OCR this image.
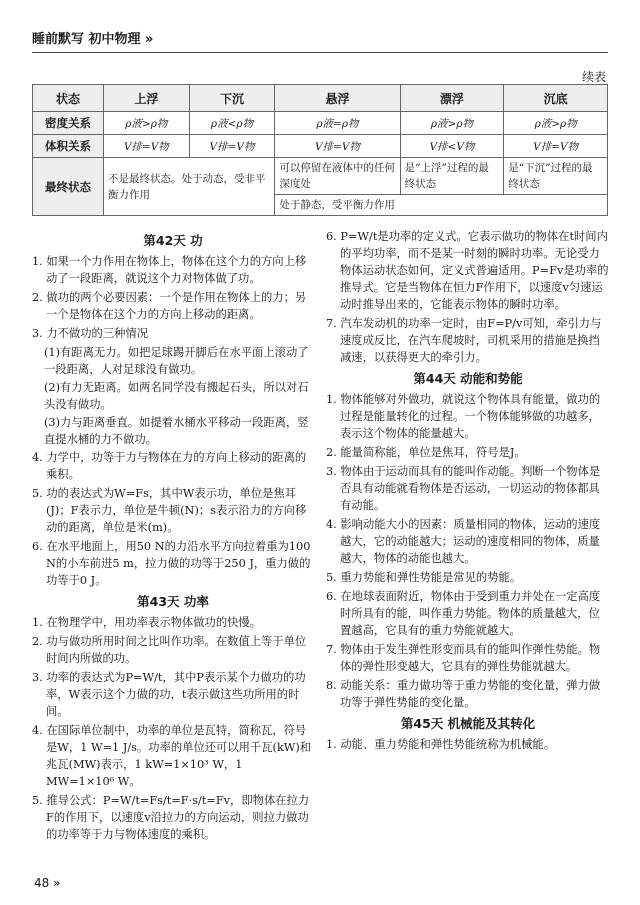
睡前默写 初中物理 »
续表
状态	上浮	下沉	悬浮	漂浮	沉底
密度关系	ρ液>ρ物	ρ液<ρ物	ρ液=ρ物	ρ液>ρ物	ρ液>ρ物
体积关系	V排=V物	V排=V物	V排=V物	V排<V物	V排=V物
最终状态	不是最终状态。处于动态，受非平衡力作用		可以停留在液体中的任何深度处	是“上浮”过程的最终状态	是“下沉”过程的最终状态
			处于静态，受平衡力作用		
第42天 功
1. 如果一个力作用在物体上，物体在这个力的方向上移动了一段距离，就说这个力对物体做了功。
2. 做功的两个必要因素：一个是作用在物体上的力；另一个是物体在这个力的方向上移动的距离。
3. 力不做功的三种情况
(1)有距离无力。如把足球踢开脚后在水平面上滚动了一段距离，人对足球没有做功。
(2)有力无距离。如两名同学没有搬起石头，所以对石头没有做功。
(3)力与距离垂直。如提着水桶水平移动一段距离，竖直提水桶的力不做功。
4. 力学中，功等于力与物体在力的方向上移动的距离的乘积。
5. 功的表达式为W=Fs，其中W表示功，单位是焦耳(J)；F表示力，单位是牛顿(N)；s表示沿力的方向移动的距离，单位是米(m)。
6. 在水平地面上，用50 N的力沿水平方向拉着重为100 N的小车前进5 m，拉力做的功等于250 J，重力做的功等于0 J。
第43天 功率
1. 在物理学中，用功率表示物体做功的快慢。
2. 功与做功所用时间之比叫作功率。在数值上等于单位时间内所做的功。
3. 功率的表达式为P=W/t，其中P表示某个力做功的功率，W表示这个力做的功，t表示做这些功所用的时间。
4. 在国际单位制中，功率的单位是瓦特，简称瓦，符号是W，1 W=1 J/s。功率的单位还可以用千瓦(kW)和兆瓦(MW)表示，1 kW=1×10³ W，1 MW=1×10⁶ W。
5. 推导公式：P=W/t=Fs/t=F·s/t=Fv，即物体在拉力F的作用下，以速度v沿拉力的方向运动，则拉力做功的功率等于力与物体速度的乘积。
6. P=W/t是功率的定义式。它表示做功的物体在t时间内的平均功率，而不是某一时刻的瞬时功率。无论受力物体运动状态如何，定义式普遍适用。P=Fv是功率的推导式。它是当物体在恒力F作用下，以速度v匀速运动时推导出来的，它能表示物体的瞬时功率。
7. 汽车发动机的功率一定时，由F=P/v可知，牵引力与速度成反比，在汽车爬坡时，司机采用的措施是换挡减速，以获得更大的牵引力。
第44天 动能和势能
1. 物体能够对外做功，就说这个物体具有能量，做功的过程是能量转化的过程。一个物体能够做的功越多，表示这个物体的能量越大。
2. 能量简称能，单位是焦耳，符号是J。
3. 物体由于运动而具有的能叫作动能。判断一个物体是否具有动能就看物体是否运动，一切运动的物体都具有动能。
4. 影响动能大小的因素：质量相同的物体，运动的速度越大，它的动能越大；运动的速度相同的物体，质量越大，物体的动能也越大。
5. 重力势能和弹性势能是常见的势能。
6. 在地球表面附近，物体由于受到重力并处在一定高度时所具有的能，叫作重力势能。物体的质量越大，位置越高，它具有的重力势能就越大。
7. 物体由于发生弹性形变而具有的能叫作弹性势能。物体的弹性形变越大，它具有的弹性势能就越大。
8. 动能关系：重力做功等于重力势能的变化量，弹力做功等于弹性势能的变化量。
第45天 机械能及其转化
1. 动能、重力势能和弹性势能统称为机械能。
48 »
